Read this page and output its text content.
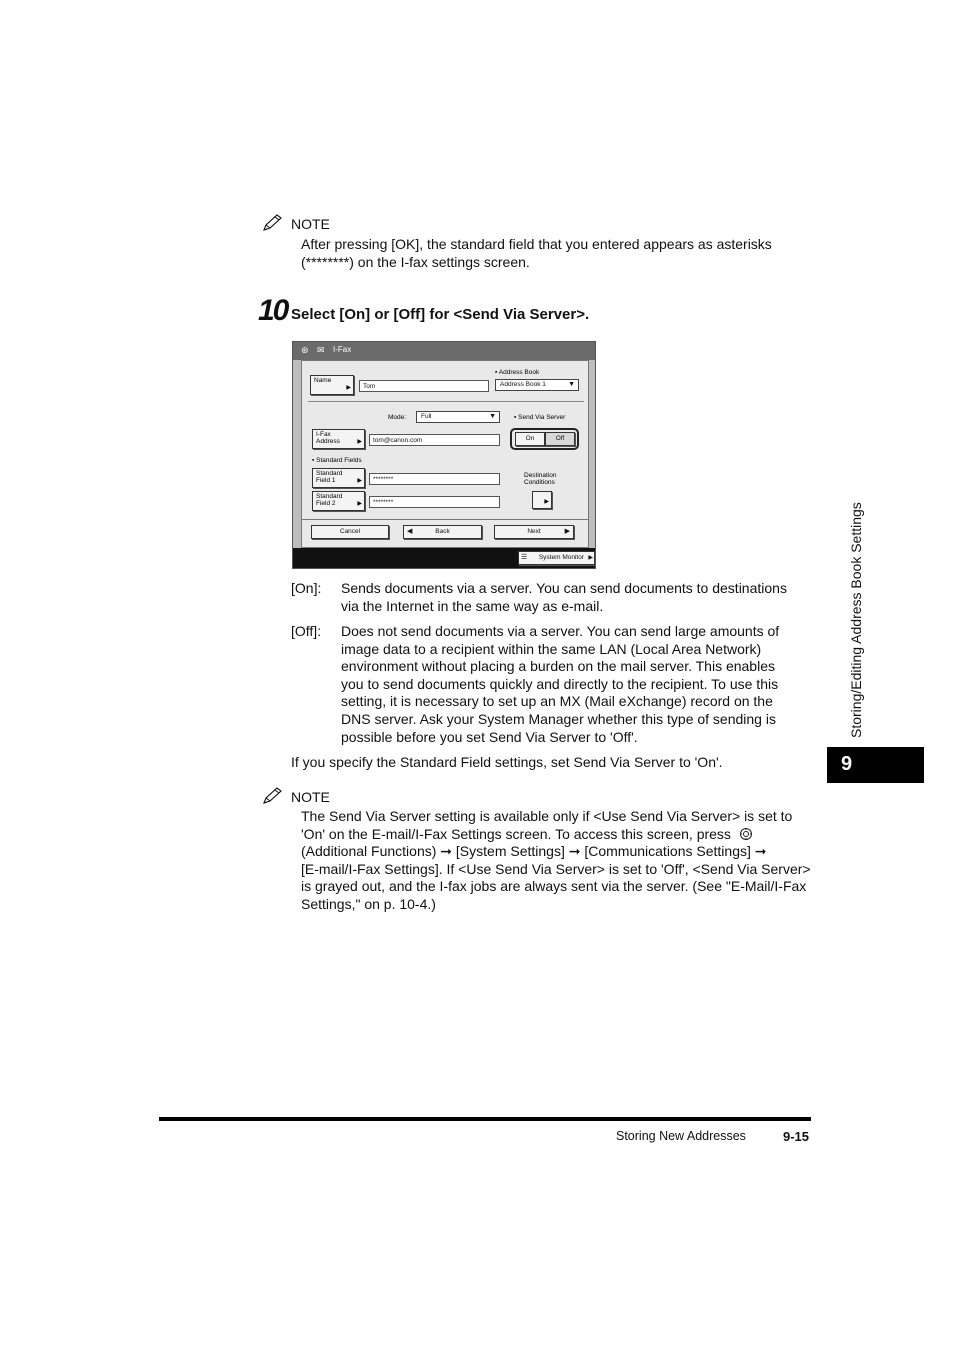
NOTE

After pressing [OK], the standard field that you entered appears as asterisks
(********) on the I-fax settings screen.

10 Select [On] or [Off] for <Send Via Server>.
⊛ ✉ I-Fax
Name
▶	Tom
▪ Address Book
Address Book 1	▼
Mode:	Full	▼	▪ Send Via Server
I-Fax
Address	▶	tom@canon.com	On	Off
▪ Standard Fields
Standard
Field 1	▶	********
Standard
Field 2	▶	********
Destination
Conditions
▶
Cancel	◀	Back	Next	▶
☰ System Monitor ▶
[On]: Sends documents via a server. You can send documents to destinations
via the Internet in the same way as e-mail.

[Off]: Does not send documents via a server. You can send large amounts of
image data to a recipient within the same LAN (Local Area Network)
environment without placing a burden on the mail server. This enables
you to send documents quickly and directly to the recipient. To use this
setting, it is necessary to set up an MX (Mail eXchange) record on the
DNS server. Ask your System Manager whether this type of sending is
possible before you set Send Via Server to 'Off'.

If you specify the Standard Field settings, set Send Via Server to 'On'.

NOTE

The Send Via Server setting is available only if <Use Send Via Server> is set to
'On' on the E-mail/I-Fax Settings screen. To access this screen, press
(Additional Functions) ➞ [System Settings] ➞ [Communications Settings] ➞
[E-mail/I-Fax Settings]. If <Use Send Via Server> is set to 'Off', <Send Via Server>
is grayed out, and the I-fax jobs are always sent via the server. (See "E-Mail/I-Fax
Settings," on p. 10-4.)

Storing/Editing Address Book Settings
9
Storing New Addresses	9-15
